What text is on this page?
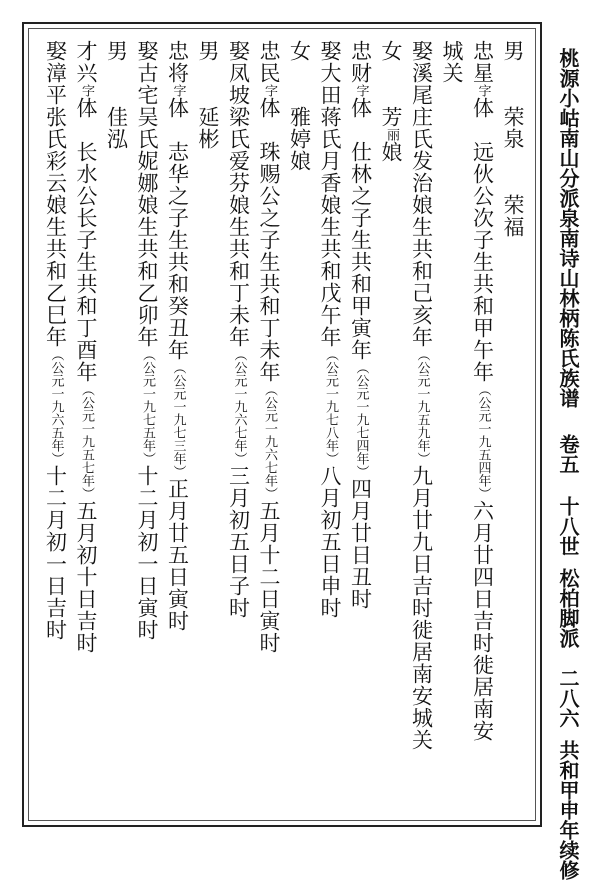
桃源小岵南山分派泉南诗山林柄陈氏族谱卷五十八世松柏脚派二八六共和甲申年续修
男　　荣泉　　荣福
忠星字体　远伙公次子生共和甲午年（公元一九五四年）六月廿四日吉时徙居南安
城关
娶溪尾庄氏发治娘生共和己亥年（公元一九五九年）九月廿九日吉时徙居南安城关
女　　芳丽娘
忠财字体　仕林之子生共和甲寅年（公元一九七四年）四月廿日丑时
娶大田蒋氏月香娘生共和戊午年（公元一九七八年）八月初五日申时
女　　雅婷娘
忠民字体　珠赐公之子生共和丁未年（公元一九六七年）五月十二日寅时
娶凤坡梁氏爱芬娘生共和丁未年（公元一九六七年）三月初五日子时
男　　延彬
忠将字体　志华之子生共和癸丑年（公元一九七三年）正月廿五日寅时
娶古宅吴氏妮娜娘生共和乙卯年（公元一九七五年）十二月初一日寅时
男　　佳泓
才兴字体　长水公长子生共和丁酉年（公元一九五七年）五月初十日吉时
娶漳平张氏彩云娘生共和乙巳年（公元一九六五年）十二月初一日吉时
